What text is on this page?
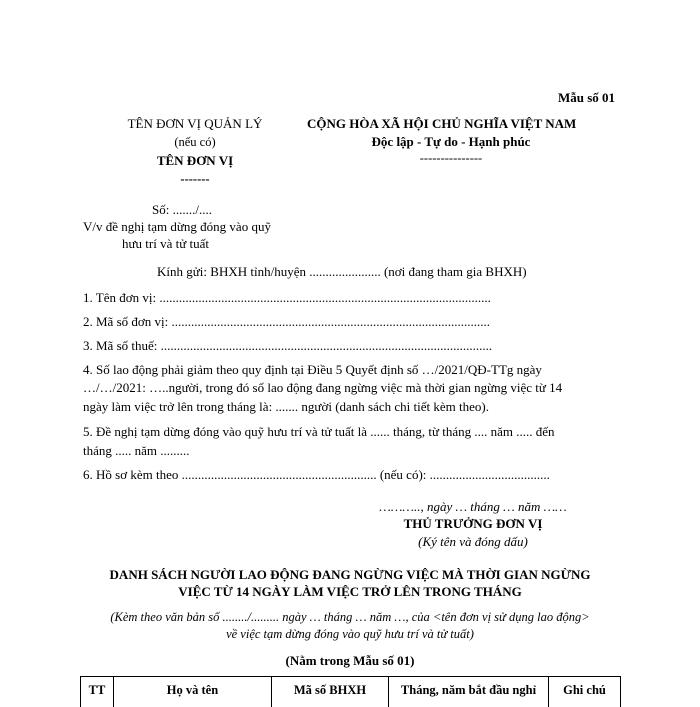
Mẫu số 01
TÊN ĐƠN VỊ QUẢN LÝ
(nếu có)
TÊN ĐƠN VỊ
-------
CỘNG HÒA XÃ HỘI CHỦ NGHĨA VIỆT NAM
Độc lập - Tự do - Hạnh phúc
---------------
Số: ......./....
V/v đề nghị tạm dừng đóng vào quỹ
hưu trí và tử tuất
Kính gửi: BHXH tỉnh/huyện ...................... (nơi đang tham gia BHXH)
1. Tên đơn vị: ......................................................................................................
2. Mã số đơn vị: ..................................................................................................
3. Mã số thuế: ......................................................................................................
4. Số lao động phải giảm theo quy định tại Điều 5 Quyết định số …/2021/QĐ-TTg ngày
…/…/2021: …..người, trong đó số lao động đang ngừng việc mà thời gian ngừng việc từ 14
ngày làm việc trở lên trong tháng là: ....... người (danh sách chi tiết kèm theo).
5. Đề nghị tạm dừng đóng vào quỹ hưu trí và tử tuất là ...... tháng, từ tháng .... năm ..... đến
tháng ..... năm .........
6. Hồ sơ kèm theo ............................................................ (nếu có): .....................................
……….., ngày … tháng … năm ……
THỦ TRƯỞNG ĐƠN VỊ
(Ký tên và đóng dấu)
DANH SÁCH NGƯỜI LAO ĐỘNG ĐANG NGỪNG VIỆC MÀ THỜI GIAN NGỪNG
VIỆC TỪ 14 NGÀY LÀM VIỆC TRỞ LÊN TRONG THÁNG
(Kèm theo văn bản số ......../......... ngày … tháng … năm …, của <tên đơn vị sử dụng lao động>
về việc tạm dừng đóng vào quỹ hưu trí và tử tuất)
(Nằm trong Mẫu số 01)
TT	Họ và tên	Mã số BHXH	Tháng, năm bắt đầu nghỉ	Ghi chú
